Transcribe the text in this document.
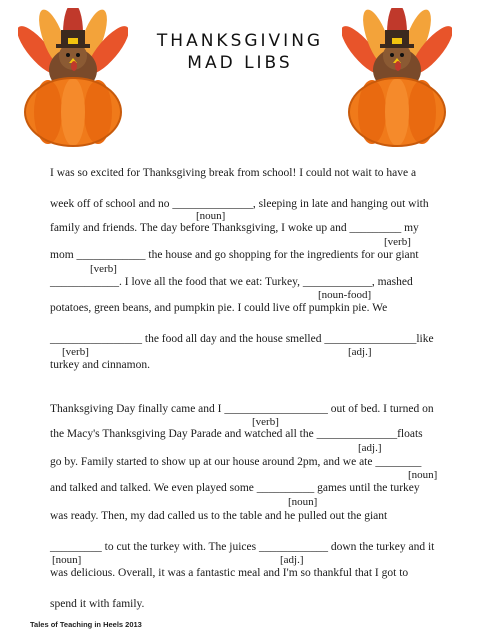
THANKSGIVING
MAD LIBS
I was so excited for Thanksgiving break from school! I could not wait to have a
week off of school and no ______________, sleeping in late and hanging out with
[noun]
family and friends. The day before Thanksgiving, I woke up and _________ my
[verb]
mom ____________ the house and go shopping for the ingredients for our giant
[verb]
____________. I love all the food that we eat: Turkey, ____________, mashed
[noun-food]
potatoes, green beans, and pumpkin pie. I could live off pumpkin pie. We
________________ the food all day and the house smelled ________________like
[verb]	[adj.]
turkey and cinnamon.
Thanksgiving Day finally came and I __________________ out of bed. I turned on
[verb]
the Macy's Thanksgiving Day Parade and watched all the ______________floats
[adj.]
go by. Family started to show up at our house around 2pm, and we ate ________
[noun]
and talked and talked. We even played some __________ games until the turkey
[noun]
was ready. Then, my dad called us to the table and he pulled out the giant
_________ to cut the turkey with. The juices ____________ down the turkey and it
[noun]	[adj.]
was delicious. Overall, it was a fantastic meal and I'm so thankful that I got to
spend it with family.
Tales of Teaching in Heels 2013
